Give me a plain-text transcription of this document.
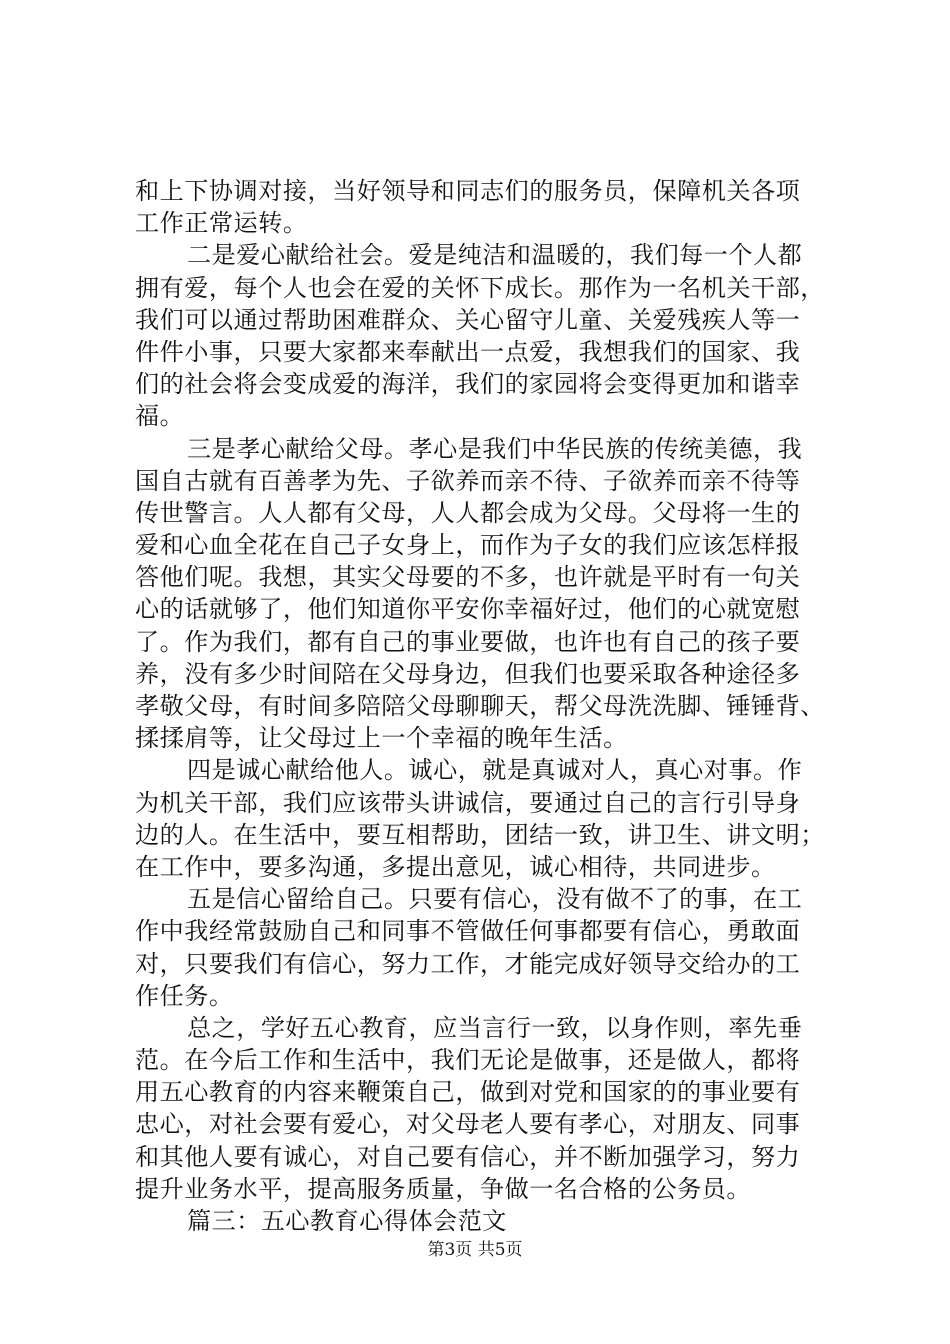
和上下协调对接，当好领导和同志们的服务员，保障机关各项
工作正常运转。
二是爱心献给社会。爱是纯洁和温暖的，我们每一个人都
拥有爱，每个人也会在爱的关怀下成长。那作为一名机关干部，
我们可以通过帮助困难群众、关心留守儿童、关爱残疾人等一
件件小事，只要大家都来奉献出一点爱，我想我们的国家、我
们的社会将会变成爱的海洋，我们的家园将会变得更加和谐幸
福。
三是孝心献给父母。孝心是我们中华民族的传统美德，我
国自古就有百善孝为先、子欲养而亲不待、子欲养而亲不待等
传世警言。人人都有父母，人人都会成为父母。父母将一生的
爱和心血全花在自己子女身上，而作为子女的我们应该怎样报
答他们呢。我想，其实父母要的不多，也许就是平时有一句关
心的话就够了，他们知道你平安你幸福好过，他们的心就宽慰
了。作为我们，都有自己的事业要做，也许也有自己的孩子要
养，没有多少时间陪在父母身边，但我们也要采取各种途径多
孝敬父母，有时间多陪陪父母聊聊天，帮父母洗洗脚、锤锤背、
揉揉肩等，让父母过上一个幸福的晚年生活。
四是诚心献给他人。诚心，就是真诚对人，真心对事。作
为机关干部，我们应该带头讲诚信，要通过自己的言行引导身
边的人。在生活中，要互相帮助，团结一致，讲卫生、讲文明；
在工作中，要多沟通，多提出意见，诚心相待，共同进步。
五是信心留给自己。只要有信心，没有做不了的事，在工
作中我经常鼓励自己和同事不管做任何事都要有信心，勇敢面
对，只要我们有信心，努力工作，才能完成好领导交给办的工
作任务。
总之，学好五心教育，应当言行一致，以身作则，率先垂
范。在今后工作和生活中，我们无论是做事，还是做人，都将
用五心教育的内容来鞭策自己，做到对党和国家的的事业要有
忠心，对社会要有爱心，对父母老人要有孝心，对朋友、同事
和其他人要有诚心，对自己要有信心，并不断加强学习，努力
提升业务水平，提高服务质量，争做一名合格的公务员。
篇三：五心教育心得体会范文
第3页 共5页
